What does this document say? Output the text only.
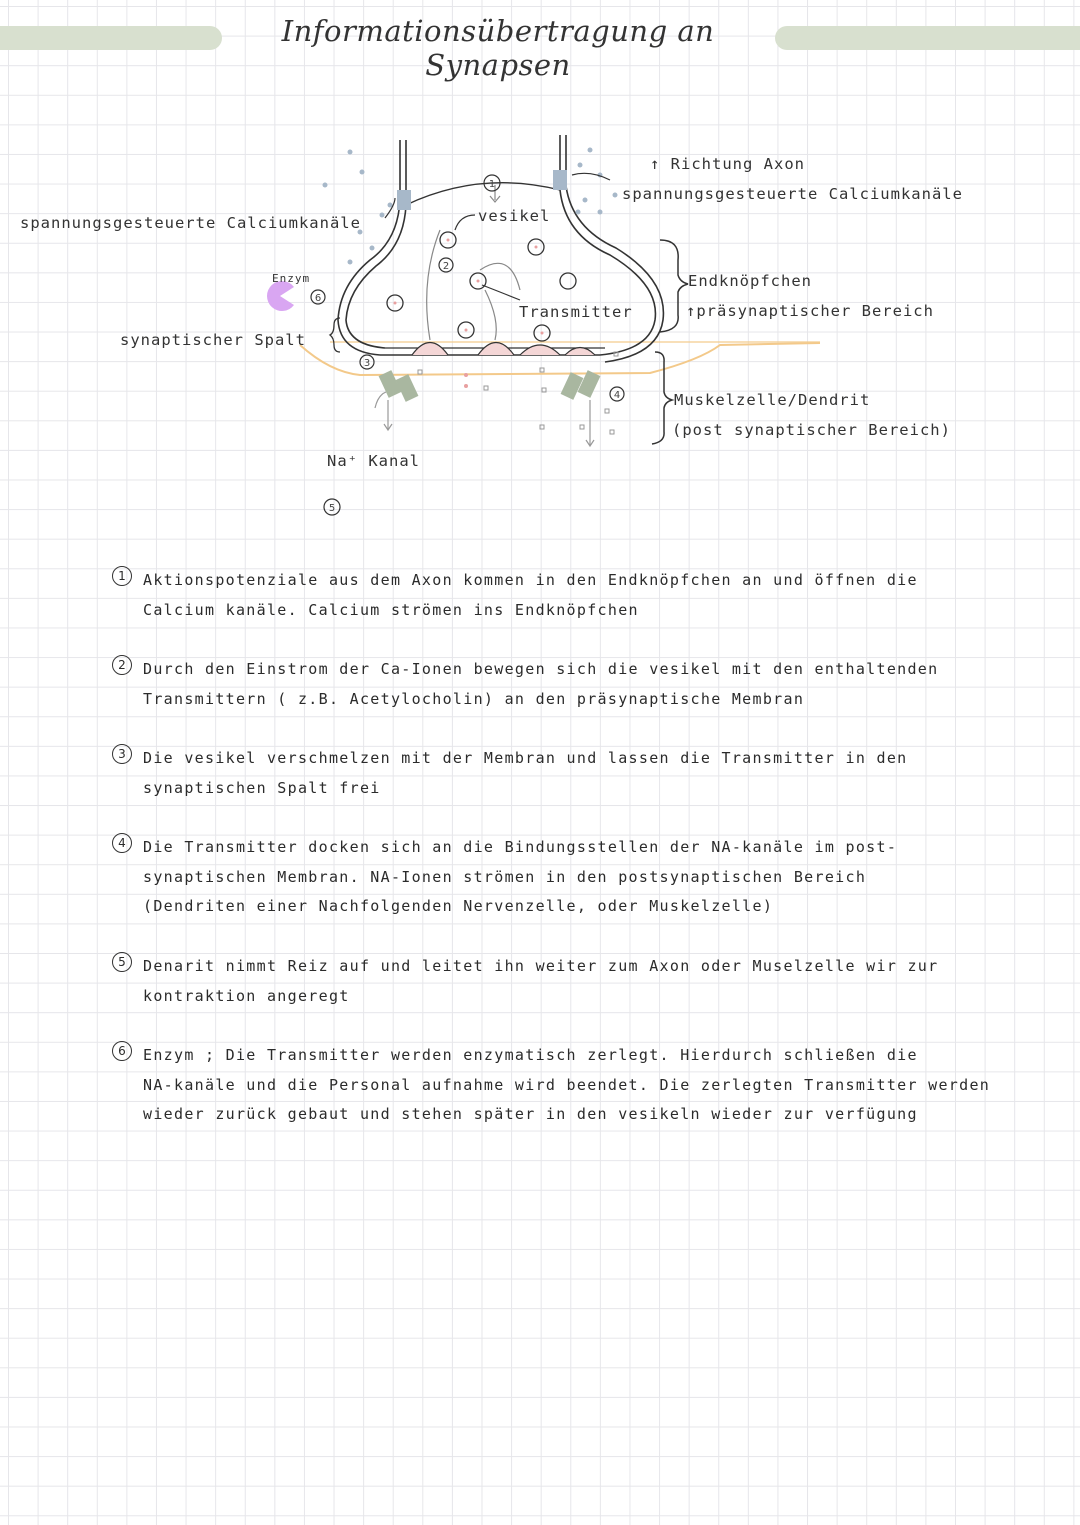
Informationsübertragung an Synapsen
1
2
3
4
5
6
spannungsgesteuerte Calciumkanäle
↑ Richtung Axon
spannungsgesteuerte Calciumkanäle
vesikel
Transmitter
Enzym
synaptischer Spalt
Endknöpfchen
↑präsynaptischer Bereich
Muskelzelle/Dendrit
(post synaptischer Bereich)
Na⁺ Kanal
1	Aktionspotenziale aus dem Axon kommen in den Endknöpfchen an und öffnen die
Calcium kanäle. Calcium strömen ins Endknöpfchen
2	Durch den Einstrom der Ca-Ionen bewegen sich die vesikel mit den enthaltenden
Transmittern ( z.B. Acetylocholin) an den präsynaptische Membran
3	Die vesikel verschmelzen mit der Membran und lassen die Transmitter in den
synaptischen Spalt frei
4	Die Transmitter docken sich an die Bindungsstellen der NA-kanäle im post-
synaptischen Membran. NA-Ionen strömen in den postsynaptischen Bereich
(Dendriten einer Nachfolgenden Nervenzelle, oder Muskelzelle)
5	Denarit nimmt Reiz auf und leitet ihn weiter zum Axon oder Muselzelle wir zur
kontraktion angeregt
6	Enzym ; Die Transmitter werden enzymatisch zerlegt. Hierdurch schließen die
NA-kanäle und die Personal aufnahme wird beendet. Die zerlegten Transmitter werden
wieder zurück gebaut und stehen später in den vesikeln wieder zur verfügung
